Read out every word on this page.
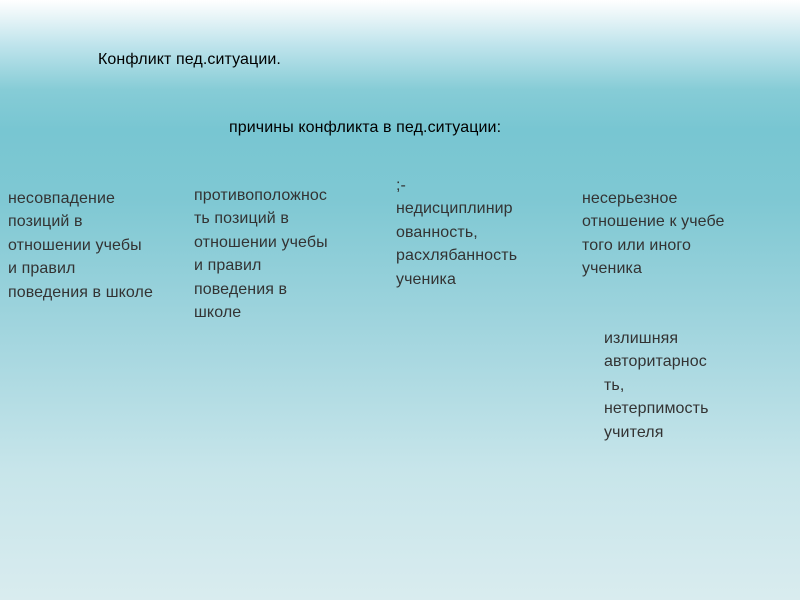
Конфликт пед.ситуации.

причины конфликта в пед.ситуации:

несовпадение
позиций в
отношении учебы
и правил
поведения в школе

противоположнос
ть позиций в
отношении учебы
и правил
поведения в
школе

;-
недисциплинир
ованность,
расхлябанность
ученика

несерьезное
отношение к учебе
того или иного
ученика

излишняя
авторитарнос
ть,
нетерпимость
учителя
